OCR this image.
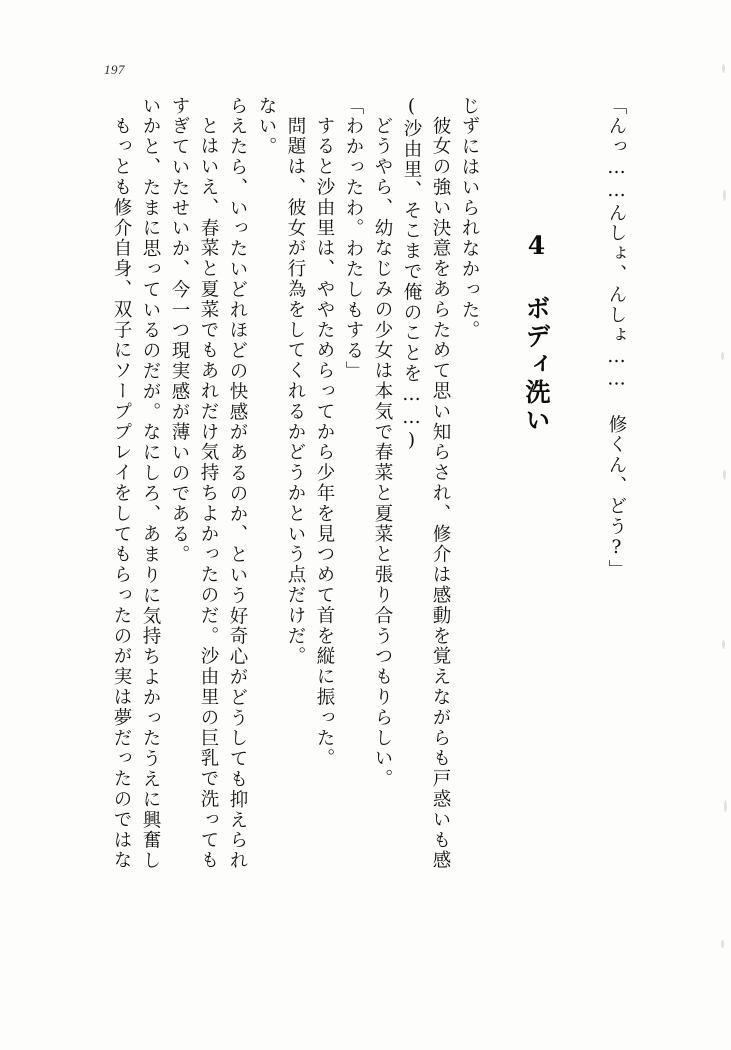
197
もっとも修介自身、双子にソーププレイをしてもらったのが実は夢だったのではな いかと、たまに思っているのだが。なにしろ、あまりに気持ちよかったうえに興奮し すぎていたせいか、今一つ現実感が薄いのである。 とはいえ、春菜と夏菜でもあれだけ気持ちよかったのだ。沙由里の巨乳で洗っても らえたら、いったいどれほどの快感があるのか、という好奇心がどうしても抑えられ ない。 問題は、彼女が行為をしてくれるかどうかという点だけだ。 すると沙由里は、ややためらってから少年を見つめて首を縦に振った。 「わかったわ。わたしもする」 どうやら、幼なじみの少女は本気で春菜と夏菜と張り合うつもりらしい。 (沙由里、そこまで俺のことを……) 彼女の強い決意をあらためて思い知らされ、修介は感動を覚えながらも戸惑いも感 じずにはいられなかった。 4 ボディ洗い	「んっ……んしょ、んしょ…… 修くん、どう?」
